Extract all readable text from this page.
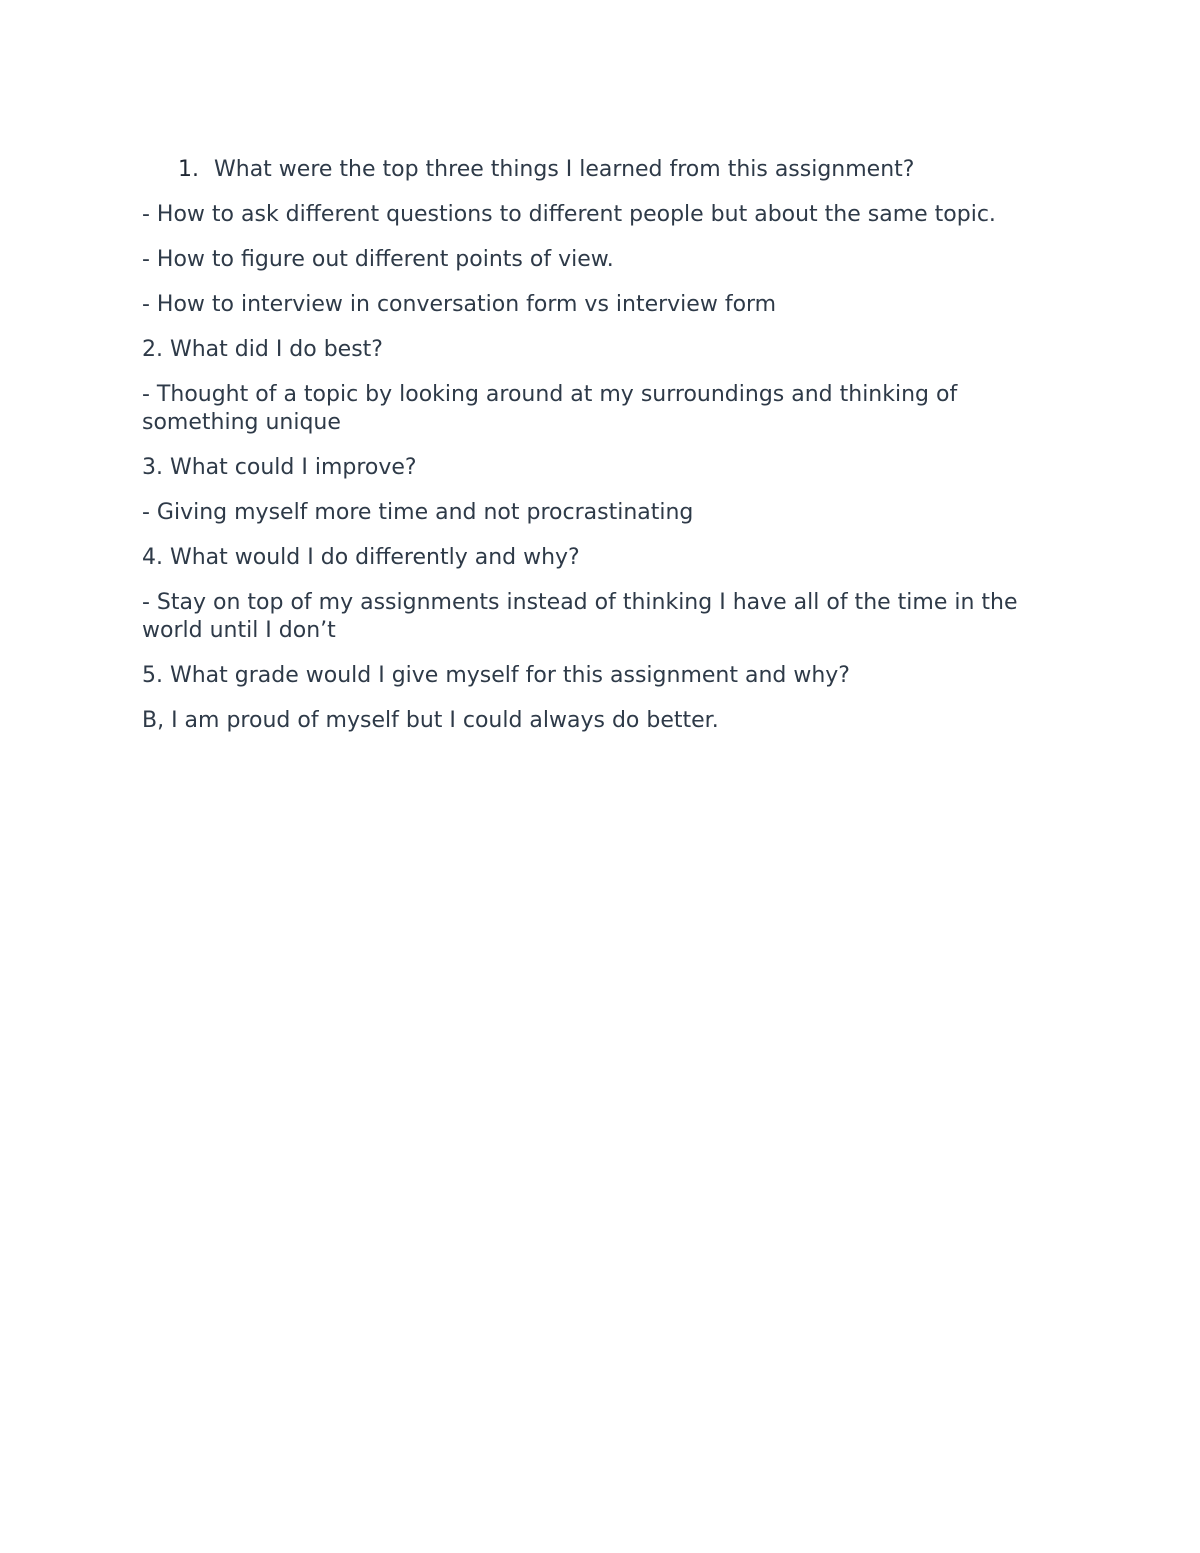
1. What were the top three things I learned from this assignment?
- How to ask different questions to different people but about the same topic.
- How to figure out different points of view.
- How to interview in conversation form vs interview form
2. What did I do best?
- Thought of a topic by looking around at my surroundings and thinking of something unique
3. What could I improve?
- Giving myself more time and not procrastinating
4. What would I do differently and why?
- Stay on top of my assignments instead of thinking I have all of the time in the world until I don’t
5. What grade would I give myself for this assignment and why?
B, I am proud of myself but I could always do better.
